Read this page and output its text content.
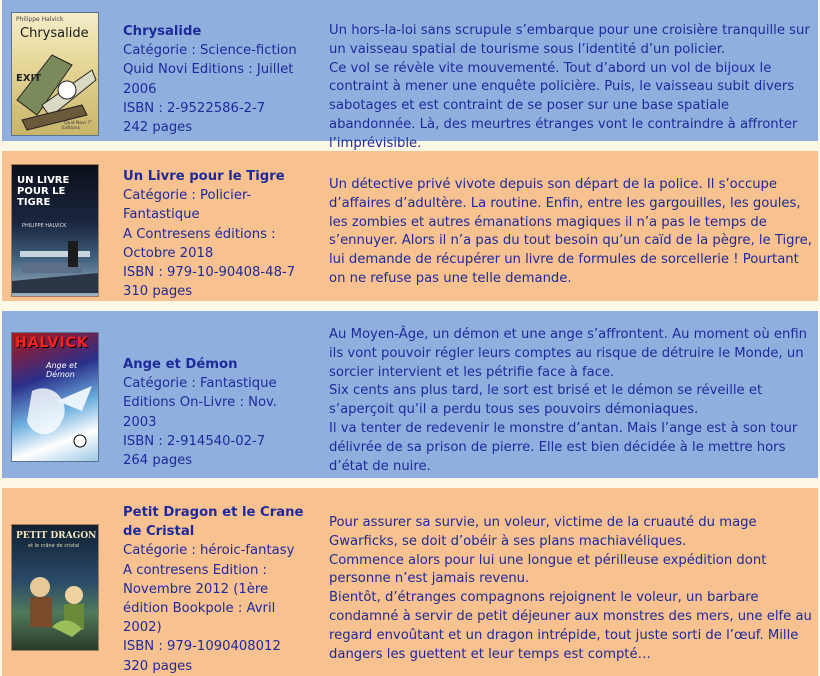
Philippe Halvick
Chrysalide
EXIT
"Quid Novi ?" Editions
Chrysalide
Catégorie : Science-fiction
Quid Novi Editions : Juillet 2006
ISBN : 2-9522586-2-7
242 pages

Un hors-la-loi sans scrupule s’embarque pour une croisière tranquille sur un vaisseau spatial de tourisme sous l’identité d’un policier.

Ce vol se révèle vite mouvementé. Tout d’abord un vol de bijoux le contraint à mener une enquête policière. Puis, le vaisseau subit divers sabotages et est contraint de se poser sur une base spatiale abandonnée. Là, des meurtres étranges vont le contraindre à affronter l’imprévisible.

UN LIVRE POUR LE TIGRE
PHILIPPE HALVICK
Un Livre pour le Tigre
Catégorie : Policier-Fantastique
A Contresens éditions : Octobre 2018
ISBN : 979-10-90408-48-7
310 pages

Un détective privé vivote depuis son départ de la police. Il s’occupe d’affaires d’adultère. La routine. Enfin, entre les gargouilles, les goules, les zombies et autres émanations magiques il n’a pas le temps de s’ennuyer. Alors il n’a pas du tout besoin qu’un caïd de la pègre, le Tigre, lui demande de récupérer un livre de formules de sorcellerie ! Pourtant on ne refuse pas une telle demande.

HALVICK
Ange et Démon
Ange et Démon
Catégorie : Fantastique
Editions On-Livre : Nov. 2003
ISBN : 2-914540-02-7
264 pages

Au Moyen-Âge, un démon et une ange s’affrontent. Au moment où enfin ils vont pouvoir régler leurs comptes au risque de détruire le Monde, un sorcier intervient et les pétrifie face à face.

Six cents ans plus tard, le sort est brisé et le démon se réveille et s’aperçoit qu’il a perdu tous ses pouvoirs démoniaques.

Il va tenter de redevenir le monstre d’antan. Mais l’ange est à son tour délivrée de sa prison de pierre. Elle est bien décidée à le mettre hors d’état de nuire.

PETIT DRAGON
et le crâne de cristal
Petit Dragon et le Crane de Cristal
Catégorie : héroic-fantasy
A contresens Edition : Novembre 2012 (1ère édition Bookpole : Avril 2002)
ISBN : 979-1090408012
320 pages

Pour assurer sa survie, un voleur, victime de la cruauté du mage Gwarficks, se doit d’obéir à ses plans machiavéliques.

Commence alors pour lui une longue et périlleuse expédition dont personne n’est jamais revenu.

Bientôt, d’étranges compagnons rejoignent le voleur, un barbare condamné à servir de petit déjeuner aux monstres des mers, une elfe au regard envoûtant et un dragon intrépide, tout juste sorti de l’œuf. Mille dangers les guettent et leur temps est compté…
